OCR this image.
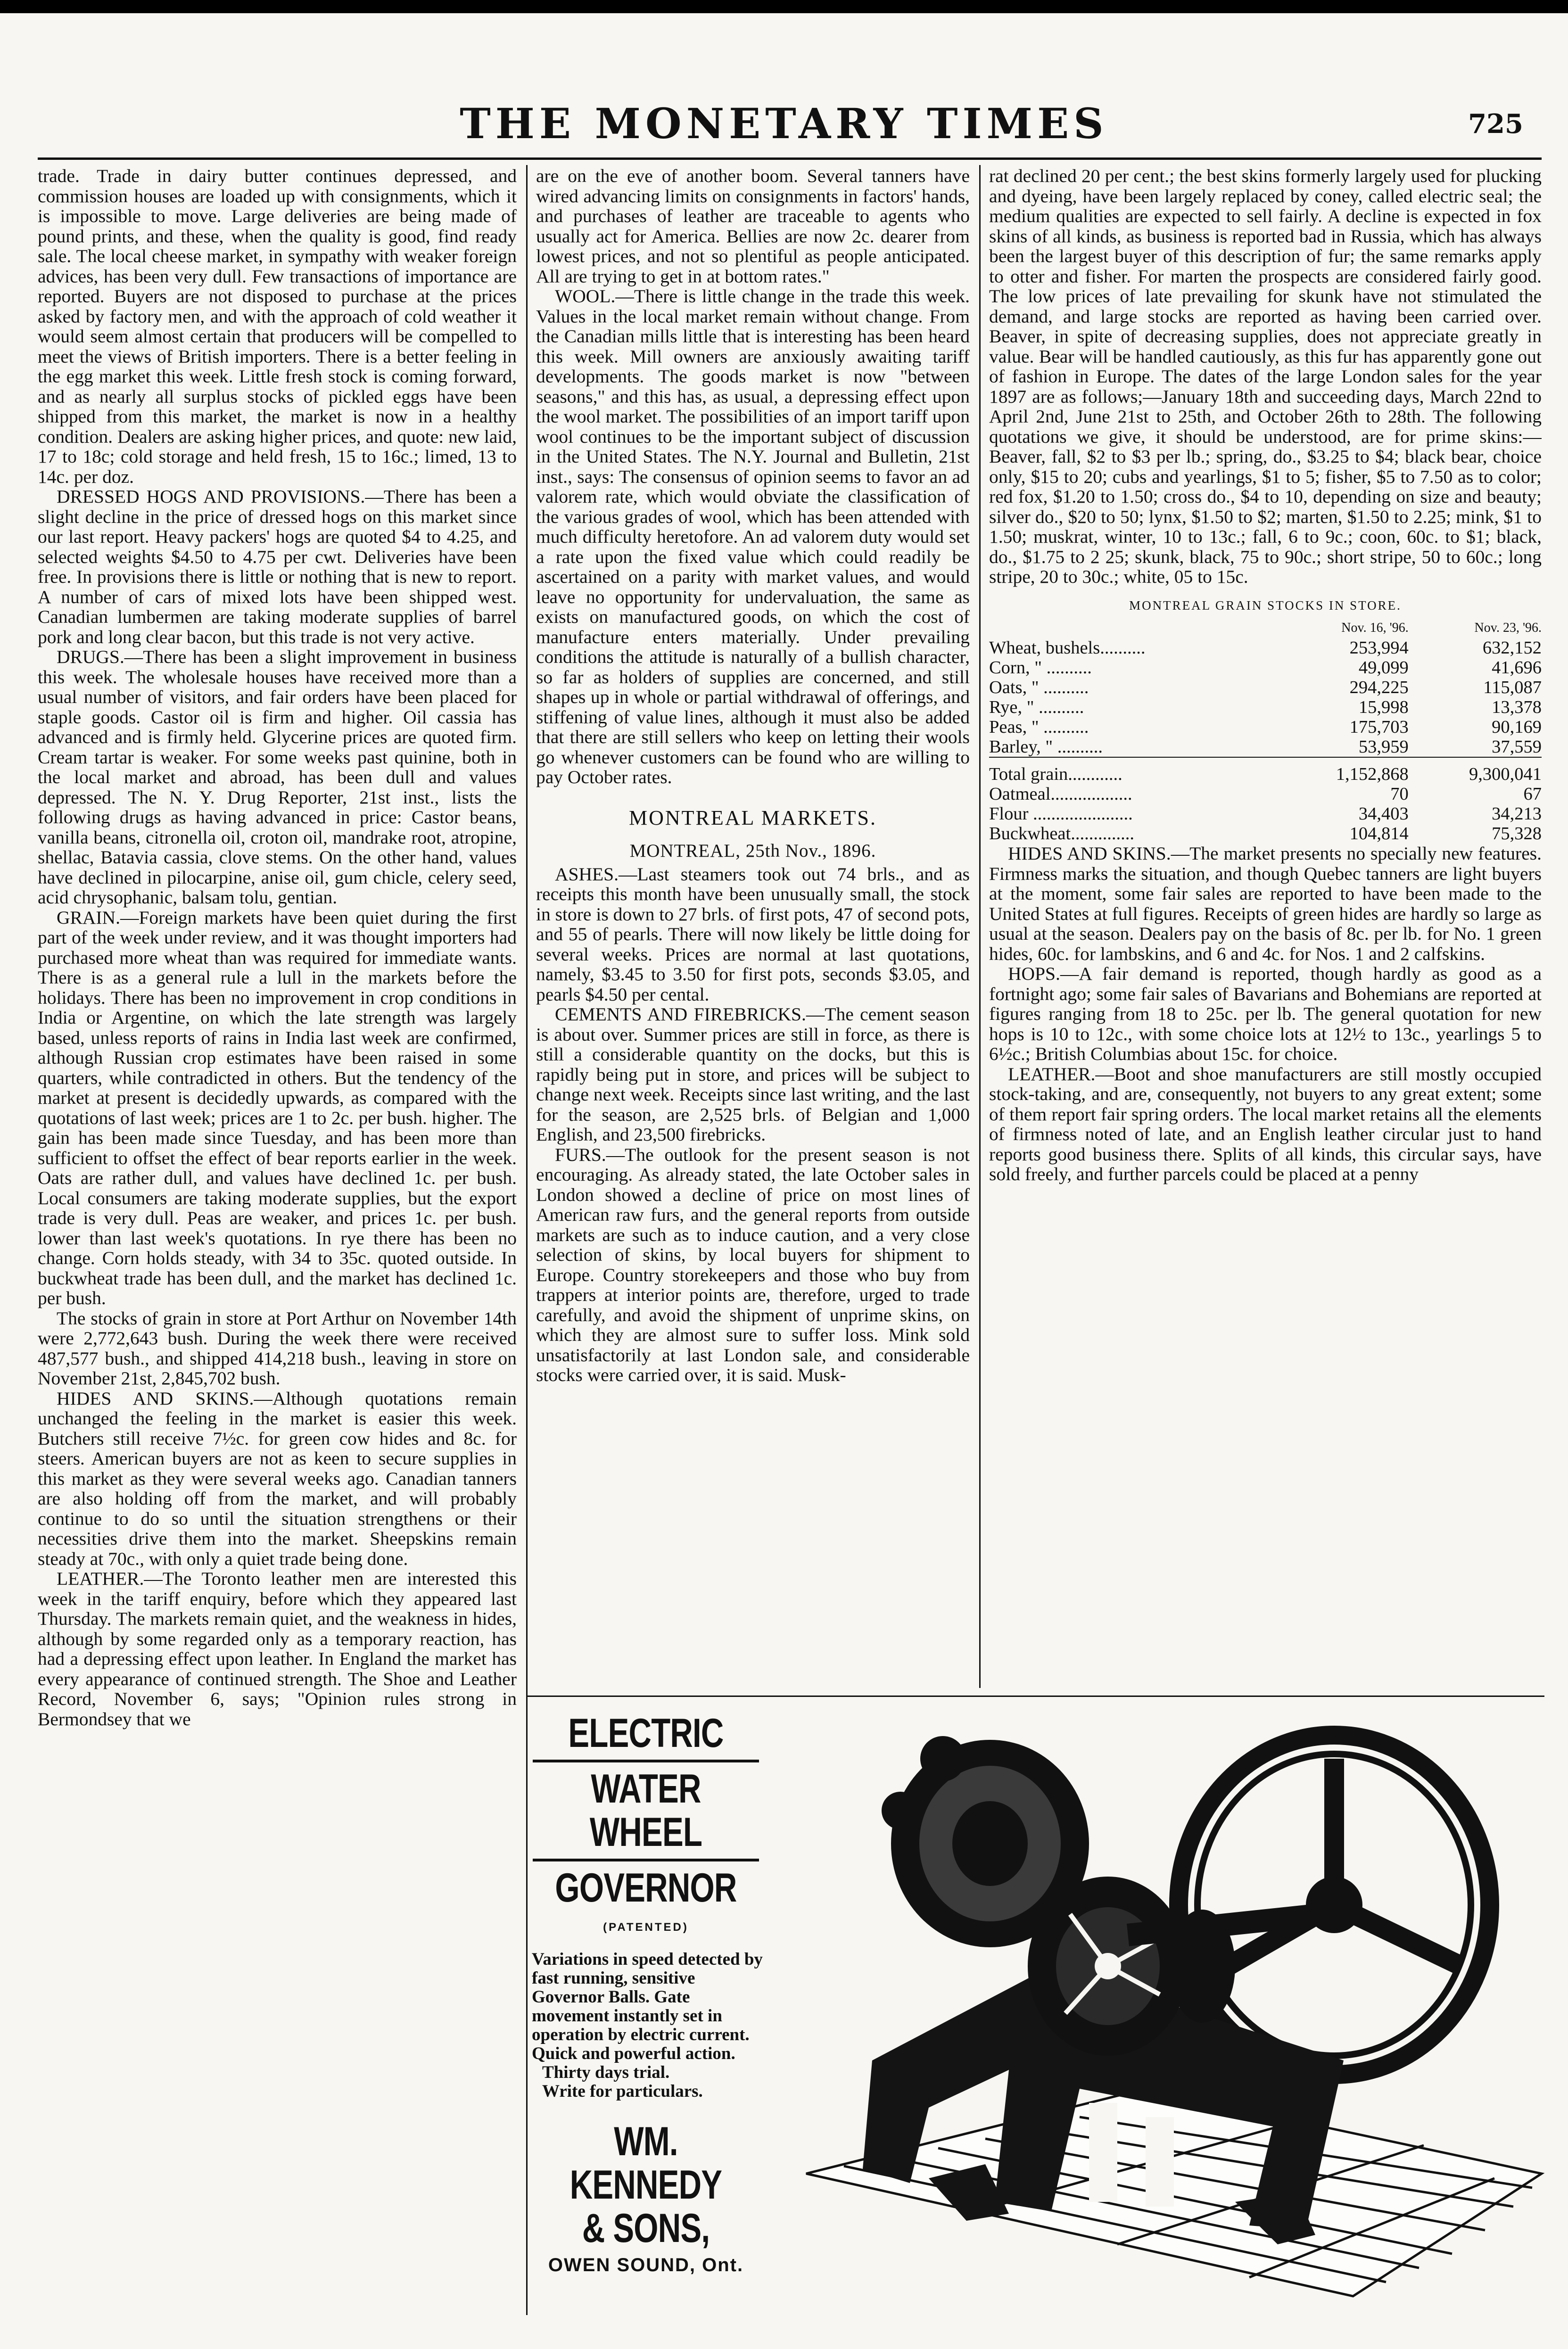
THE MONETARY TIMES	725

trade. Trade in dairy butter continues depressed, and commission houses are loaded up with consignments, which it is impossible to move. Large deliveries are being made of pound prints, and these, when the quality is good, find ready sale. The local cheese market, in sympathy with weaker foreign advices, has been very dull. Few transactions of importance are reported. Buyers are not disposed to purchase at the prices asked by factory men, and with the approach of cold weather it would seem almost certain that producers will be compelled to meet the views of British importers. There is a better feeling in the egg market this week. Little fresh stock is coming forward, and as nearly all surplus stocks of pickled eggs have been shipped from this market, the market is now in a healthy condition. Dealers are asking higher prices, and quote: new laid, 17 to 18c; cold storage and held fresh, 15 to 16c.; limed, 13 to 14c. per doz.

DRESSED HOGS AND PROVISIONS.—There has been a slight decline in the price of dressed hogs on this market since our last report. Heavy packers' hogs are quoted $4 to 4.25, and selected weights $4.50 to 4.75 per cwt. Deliveries have been free. In provisions there is little or nothing that is new to report. A number of cars of mixed lots have been shipped west. Canadian lumbermen are taking moderate supplies of barrel pork and long clear bacon, but this trade is not very active.

DRUGS.—There has been a slight improvement in business this week. The wholesale houses have received more than a usual number of visitors, and fair orders have been placed for staple goods. Castor oil is firm and higher. Oil cassia has advanced and is firmly held. Glycerine prices are quoted firm. Cream tartar is weaker. For some weeks past quinine, both in the local market and abroad, has been dull and values depressed. The N. Y. Drug Reporter, 21st inst., lists the following drugs as having advanced in price: Castor beans, vanilla beans, citronella oil, croton oil, mandrake root, atropine, shellac, Batavia cassia, clove stems. On the other hand, values have declined in pilocarpine, anise oil, gum chicle, celery seed, acid chrysophanic, balsam tolu, gentian.

GRAIN.—Foreign markets have been quiet during the first part of the week under review, and it was thought importers had purchased more wheat than was required for immediate wants. There is as a general rule a lull in the markets before the holidays. There has been no improvement in crop conditions in India or Argentine, on which the late strength was largely based, unless reports of rains in India last week are confirmed, although Russian crop estimates have been raised in some quarters, while contradicted in others. But the tendency of the market at present is decidedly upwards, as compared with the quotations of last week; prices are 1 to 2c. per bush. higher. The gain has been made since Tuesday, and has been more than sufficient to offset the effect of bear reports earlier in the week. Oats are rather dull, and values have declined 1c. per bush. Local consumers are taking moderate supplies, but the export trade is very dull. Peas are weaker, and prices 1c. per bush. lower than last week's quotations. In rye there has been no change. Corn holds steady, with 34 to 35c. quoted outside. In buckwheat trade has been dull, and the market has declined 1c. per bush.

The stocks of grain in store at Port Arthur on November 14th were 2,772,643 bush. During the week there were received 487,577 bush., and shipped 414,218 bush., leaving in store on November 21st, 2,845,702 bush.

HIDES AND SKINS.—Although quotations remain unchanged the feeling in the market is easier this week. Butchers still receive 7½c. for green cow hides and 8c. for steers. American buyers are not as keen to secure supplies in this market as they were several weeks ago. Canadian tanners are also holding off from the market, and will probably continue to do so until the situation strengthens or their necessities drive them into the market. Sheepskins remain steady at 70c., with only a quiet trade being done.

LEATHER.—The Toronto leather men are interested this week in the tariff enquiry, before which they appeared last Thursday. The markets remain quiet, and the weakness in hides, although by some regarded only as a temporary reaction, has had a depressing effect upon leather. In England the market has every appearance of continued strength. The Shoe and Leather Record, November 6, says; "Opinion rules strong in Bermondsey that we

are on the eve of another boom. Several tanners have wired advancing limits on consignments in factors' hands, and purchases of leather are traceable to agents who usually act for America. Bellies are now 2c. dearer from lowest prices, and not so plentiful as people anticipated. All are trying to get in at bottom rates."

WOOL.—There is little change in the trade this week. Values in the local market remain without change. From the Canadian mills little that is interesting has been heard this week. Mill owners are anxiously awaiting tariff developments. The goods market is now "between seasons," and this has, as usual, a depressing effect upon the wool market. The possibilities of an import tariff upon wool continues to be the important subject of discussion in the United States. The N.Y. Journal and Bulletin, 21st inst., says: The consensus of opinion seems to favor an ad valorem rate, which would obviate the classification of the various grades of wool, which has been attended with much difficulty heretofore. An ad valorem duty would set a rate upon the fixed value which could readily be ascertained on a parity with market values, and would leave no opportunity for undervaluation, the same as exists on manufactured goods, on which the cost of manufacture enters materially. Under prevailing conditions the attitude is naturally of a bullish character, so far as holders of supplies are concerned, and still shapes up in whole or partial withdrawal of offerings, and stiffening of value lines, although it must also be added that there are still sellers who keep on letting their wools go whenever customers can be found who are willing to pay October rates.

MONTREAL MARKETS.
MONTREAL, 25th Nov., 1896.

ASHES.—Last steamers took out 74 brls., and as receipts this month have been unusually small, the stock in store is down to 27 brls. of first pots, 47 of second pots, and 55 of pearls. There will now likely be little doing for several weeks. Prices are normal at last quotations, namely, $3.45 to 3.50 for first pots, seconds $3.05, and pearls $4.50 per cental.

CEMENTS AND FIREBRICKS.—The cement season is about over. Summer prices are still in force, as there is still a considerable quantity on the docks, but this is rapidly being put in store, and prices will be subject to change next week. Receipts since last writing, and the last for the season, are 2,525 brls. of Belgian and 1,000 English, and 23,500 firebricks.

FURS.—The outlook for the present season is not encouraging. As already stated, the late October sales in London showed a decline of price on most lines of American raw furs, and the general reports from outside markets are such as to induce caution, and a very close selection of skins, by local buyers for shipment to Europe. Country storekeepers and those who buy from trappers at interior points are, therefore, urged to trade carefully, and avoid the shipment of unprime skins, on which they are almost sure to suffer loss. Mink sold unsatisfactorily at last London sale, and considerable stocks were carried over, it is said. Musk-

rat declined 20 per cent.; the best skins formerly largely used for plucking and dyeing, have been largely replaced by coney, called electric seal; the medium qualities are expected to sell fairly. A decline is expected in fox skins of all kinds, as business is reported bad in Russia, which has always been the largest buyer of this description of fur; the same remarks apply to otter and fisher. For marten the prospects are considered fairly good. The low prices of late prevailing for skunk have not stimulated the demand, and large stocks are reported as having been carried over. Beaver, in spite of decreasing supplies, does not appreciate greatly in value. Bear will be handled cautiously, as this fur has apparently gone out of fashion in Europe. The dates of the large London sales for the year 1897 are as follows;—January 18th and succeeding days, March 22nd to April 2nd, June 21st to 25th, and October 26th to 28th. The following quotations we give, it should be understood, are for prime skins:—Beaver, fall, $2 to $3 per lb.; spring, do., $3.25 to $4; black bear, choice only, $15 to 20; cubs and yearlings, $1 to 5; fisher, $5 to 7.50 as to color; red fox, $1.20 to 1.50; cross do., $4 to 10, depending on size and beauty; silver do., $20 to 50; lynx, $1.50 to $2; marten, $1.50 to 2.25; mink, $1 to 1.50; muskrat, winter, 10 to 13c.; fall, 6 to 9c.; coon, 60c. to $1; black, do., $1.75 to 2 25; skunk, black, 75 to 90c.; short stripe, 50 to 60c.; long stripe, 20 to 30c.; white, 05 to 15c.

MONTREAL GRAIN STOCKS IN STORE.
	Nov. 16, '96.	Nov. 23, '96.
Wheat, bushels..........	253,994	632,152
Corn, " ..........	49,099	41,696
Oats, " ..........	294,225	115,087
Rye, " ..........	15,998	13,378
Peas, " ..........	175,703	90,169
Barley, " ..........	53,959	37,559

Total grain............	1,152,868	9,300,041
Oatmeal..................	70	67
Flour ......................	34,403	34,213
Buckwheat..............	104,814	75,328

HIDES AND SKINS.—The market presents no specially new features. Firmness marks the situation, and though Quebec tanners are light buyers at the moment, some fair sales are reported to have been made to the United States at full figures. Receipts of green hides are hardly so large as usual at the season. Dealers pay on the basis of 8c. per lb. for No. 1 green hides, 60c. for lambskins, and 6 and 4c. for Nos. 1 and 2 calfskins.

HOPS.—A fair demand is reported, though hardly as good as a fortnight ago; some fair sales of Bavarians and Bohemians are reported at figures ranging from 18 to 25c. per lb. The general quotation for new hops is 10 to 12c., with some choice lots at 12½ to 13c., yearlings 5 to 6½c.; British Columbias about 15c. for choice.

LEATHER.—Boot and shoe manufacturers are still mostly occupied stock-taking, and are, consequently, not buyers to any great extent; some of them report fair spring orders. The local market retains all the elements of firmness noted of late, and an English leather circular just to hand reports good business there. Splits of all kinds, this circular says, have sold freely, and further parcels could be placed at a penny

ELECTRIC
WATER WHEEL
GOVERNOR
(PATENTED)
Variations in speed detected by fast running, sensitive Governor Balls. Gate movement instantly set in operation by electric current. Quick and powerful action.
Thirty days trial.
Write for particulars.
WM. KENNEDY
& SONS,
OWEN SOUND, Ont.
